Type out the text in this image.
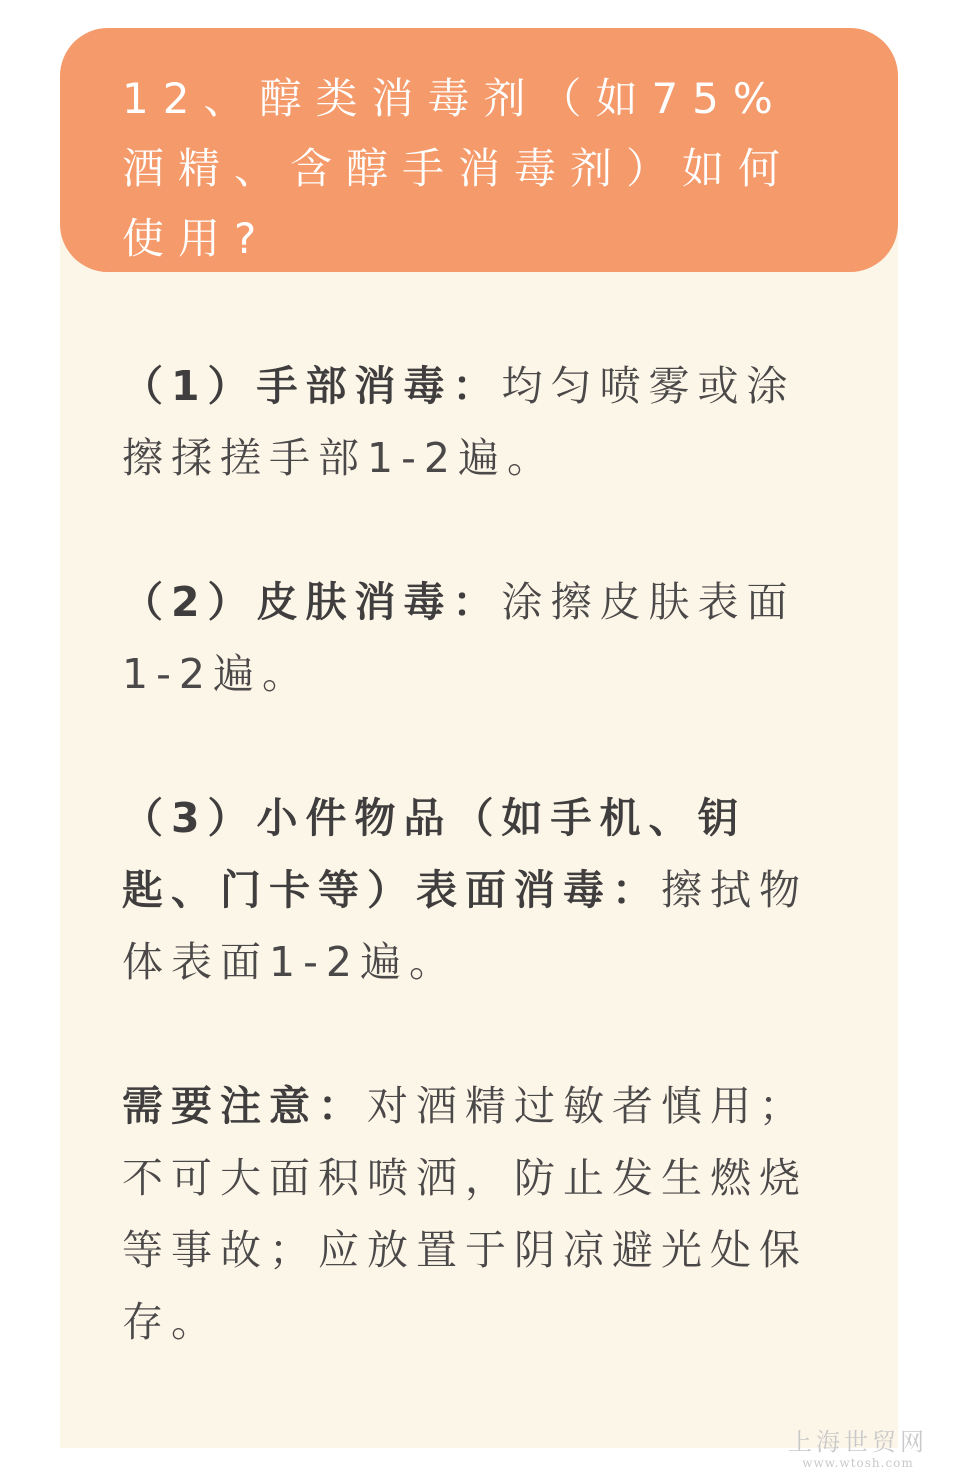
12、醇类消毒剂（如75% 酒精、含醇手消毒剂）如何使用?

（1）手部消毒：均匀喷雾或涂擦揉搓手部1-2遍。

（2）皮肤消毒：涂擦皮肤表面1-2遍。

（3）小件物品（如手机、钥匙、门卡等）表面消毒：擦拭物体表面1-2遍。

需要注意：对酒精过敏者慎用；不可大面积喷洒，防止发生燃烧等事故；应放置于阴凉避光处保存。

上海世贸网
www.wtosh.com
